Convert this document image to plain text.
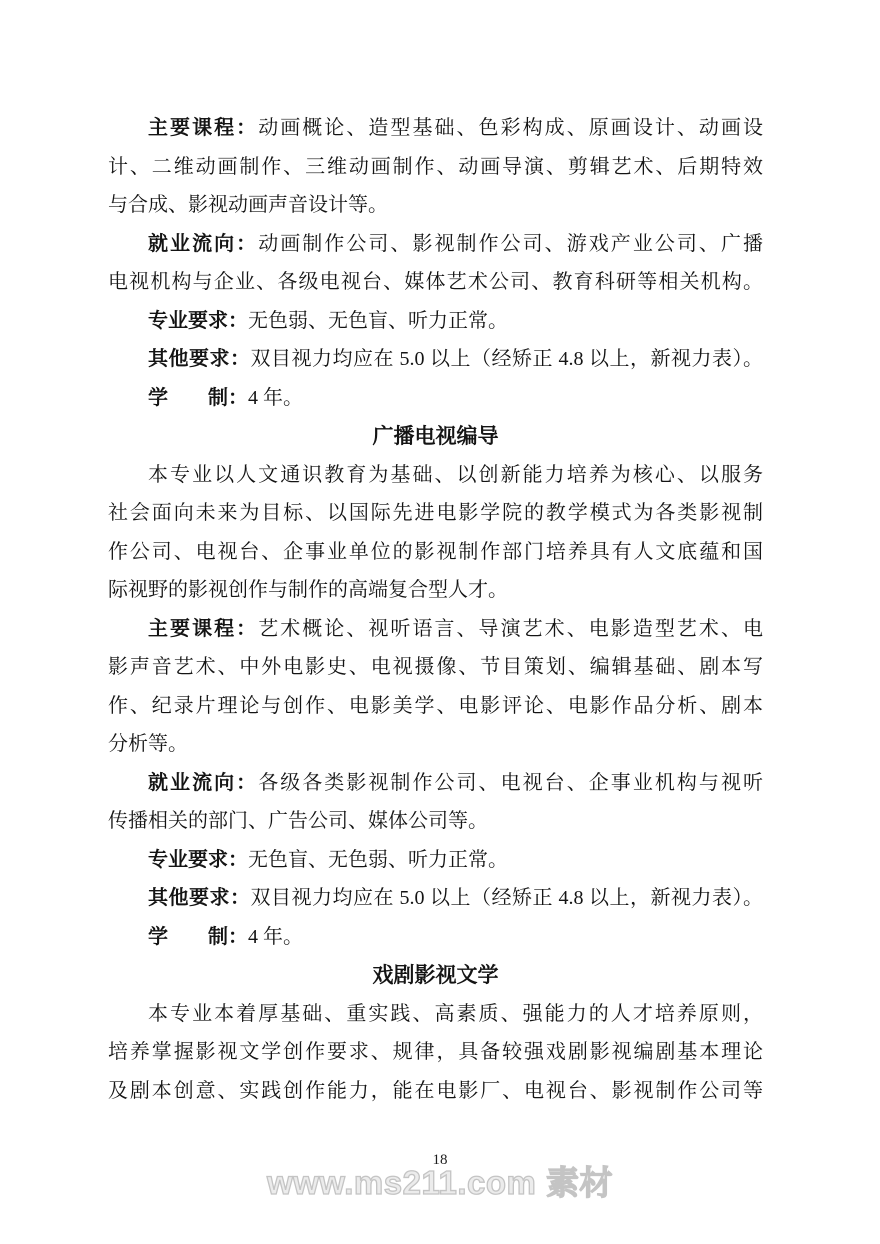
主要课程：动画概论、造型基础、色彩构成、原画设计、动画设
计、二维动画制作、三维动画制作、动画导演、剪辑艺术、后期特效
与合成、影视动画声音设计等。
就业流向：动画制作公司、影视制作公司、游戏产业公司、广播
电视机构与企业、各级电视台、媒体艺术公司、教育科研等相关机构。
专业要求：无色弱、无色盲、听力正常。
其他要求：双目视力均应在 5.0 以上（经矫正 4.8 以上，新视力表）。
学　　制：4 年。
广播电视编导
本专业以人文通识教育为基础、以创新能力培养为核心、以服务
社会面向未来为目标、以国际先进电影学院的教学模式为各类影视制
作公司、电视台、企事业单位的影视制作部门培养具有人文底蕴和国
际视野的影视创作与制作的高端复合型人才。
主要课程：艺术概论、视听语言、导演艺术、电影造型艺术、电
影声音艺术、中外电影史、电视摄像、节目策划、编辑基础、剧本写
作、纪录片理论与创作、电影美学、电影评论、电影作品分析、剧本
分析等。
就业流向：各级各类影视制作公司、电视台、企事业机构与视听
传播相关的部门、广告公司、媒体公司等。
专业要求：无色盲、无色弱、听力正常。
其他要求：双目视力均应在 5.0 以上（经矫正 4.8 以上，新视力表）。
学　　制：4 年。
戏剧影视文学
本专业本着厚基础、重实践、高素质、强能力的人才培养原则，
培养掌握影视文学创作要求、规律，具备较强戏剧影视编剧基本理论
及剧本创意、实践创作能力，能在电影厂、电视台、影视制作公司等
18
www.ms211.com 素材
